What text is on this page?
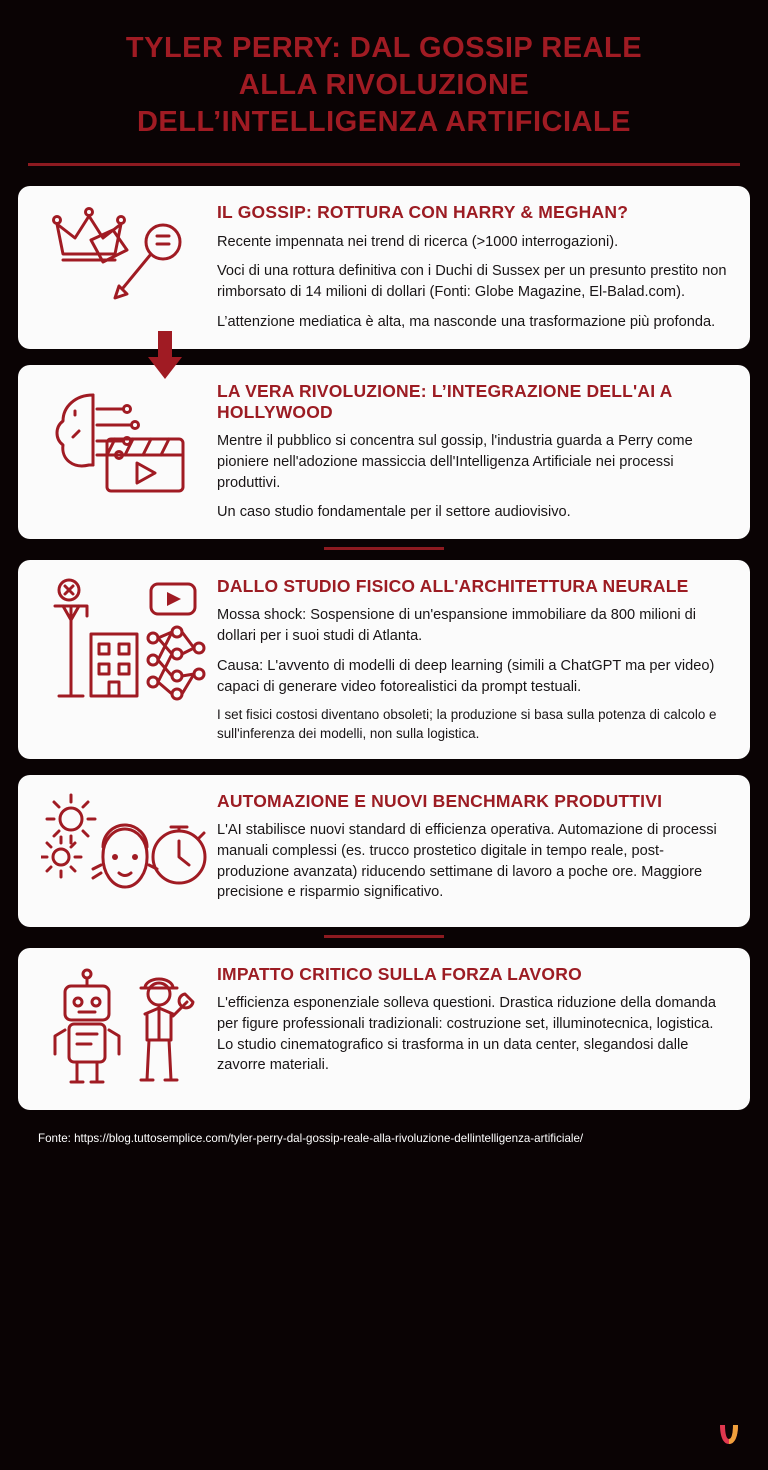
TYLER PERRY: DAL GOSSIP REALE
ALLA RIVOLUZIONE
DELL’INTELLIGENZA ARTIFICIALE
IL GOSSIP: ROTTURA CON HARRY & MEGHAN?

Recente impennata nei trend di ricerca (>1000 interrogazioni).

Voci di una rottura definitiva con i Duchi di Sussex per un presunto prestito non rimborsato di 14 milioni di dollari (Fonti: Globe Magazine, El-Balad.com).

L’attenzione mediatica è alta, ma nasconde una trasformazione più profonda.

LA VERA RIVOLUZIONE: L’INTEGRAZIONE DELL'AI A HOLLYWOOD

Mentre il pubblico si concentra sul gossip, l'industria guarda a Perry come pioniere nell'adozione massiccia dell'Intelligenza Artificiale nei processi produttivi.

Un caso studio fondamentale per il settore audiovisivo.

DALLO STUDIO FISICO ALL'ARCHITETTURA NEURALE

Mossa shock: Sospensione di un'espansione immobiliare da 800 milioni di dollari per i suoi studi di Atlanta.

Causa: L'avvento di modelli di deep learning (simili a ChatGPT ma per video) capaci di generare video fotorealistici da prompt testuali.

I set fisici costosi diventano obsoleti; la produzione si basa sulla potenza di calcolo e sull'inferenza dei modelli, non sulla logistica.

AUTOMAZIONE E NUOVI BENCHMARK PRODUTTIVI

L'AI stabilisce nuovi standard di efficienza operativa. Automazione di processi manuali complessi (es. trucco prostetico digitale in tempo reale, post-produzione avanzata) riducendo settimane di lavoro a poche ore. Maggiore precisione e risparmio significativo.

IMPATTO CRITICO SULLA FORZA LAVORO

L'efficienza esponenziale solleva questioni. Drastica riduzione della domanda per figure professionali tradizionali: costruzione set, illuminotecnica, logistica. Lo studio cinematografico si trasforma in un data center, slegandosi dalle zavorre materiali.

Fonte: https://blog.tuttosemplice.com/tyler-perry-dal-gossip-reale-alla-rivoluzione-dellintelligenza-artificiale/
